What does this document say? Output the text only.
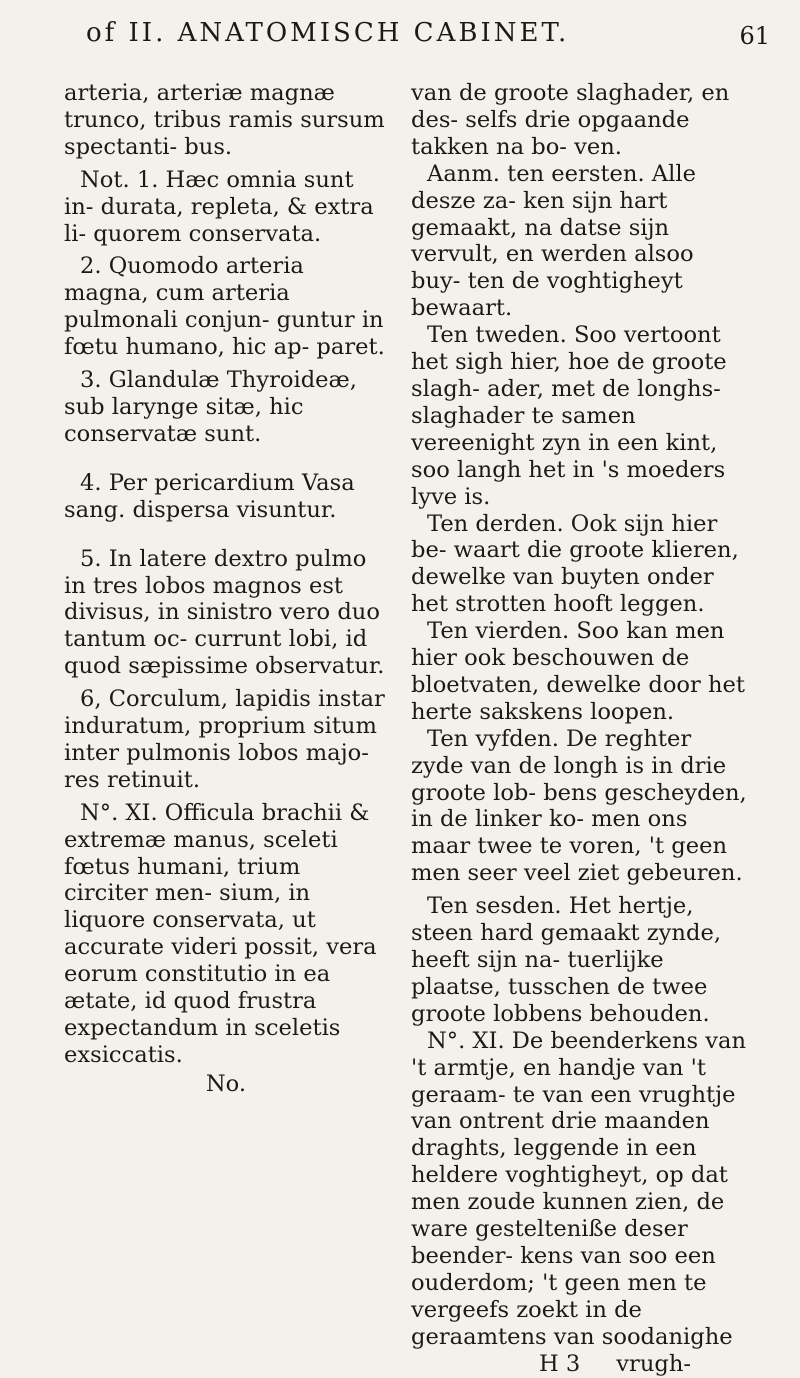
of II. ANATOMISCH CABINET.	61

arteria, arteriæ magnæ trunco, tribus ramis sursum spectanti- bus.

Not. 1. Hæc omnia sunt in- durata, repleta, & extra li- quorem conservata.

2. Quomodo arteria magna, cum arteria pulmonali conjun- guntur in fœtu humano, hic ap- paret.

3. Glandulæ Thyroideæ, sub larynge sitæ, hic conservatæ sunt.

4. Per pericardium Vasa sang. dispersa visuntur.

5. In latere dextro pulmo in tres lobos magnos est divisus, in sinistro vero duo tantum oc- currunt lobi, id quod sæpissime observatur.

6, Corculum, lapidis instar induratum, proprium situm inter pulmonis lobos majo- res retinuit.

N°. XI. Officula brachii & extremæ manus, sceleti fœtus humani, trium circiter men- sium, in liquore conservata, ut accurate videri possit, vera eorum constitutio in ea ætate, id quod frustra expectandum in sceletis exsiccatis.

No.

van de groote slaghader, en des- selfs drie opgaande takken na bo- ven.

Aanm. ten eersten. Alle desze za- ken sijn hart gemaakt, na datse sijn vervult, en werden alsoo buy- ten de voghtigheyt bewaart.

Ten tweden. Soo vertoont het sigh hier, hoe de groote slagh- ader, met de longhs-slaghader te samen vereenight zyn in een kint, soo langh het in 's moeders lyve is.

Ten derden. Ook sijn hier be- waart die groote klieren, dewelke van buyten onder het strotten hooft leggen.

Ten vierden. Soo kan men hier ook beschouwen de bloetvaten, dewelke door het herte sakskens loopen.

Ten vyfden. De reghter zyde van de longh is in drie groote lob- bens gescheyden, in de linker ko- men ons maar twee te voren, 't geen men seer veel ziet gebeuren.

Ten sesden. Het hertje, steen hard gemaakt zynde, heeft sijn na- tuerlijke plaatse, tusschen de twee groote lobbens behouden.

N°. XI. De beenderkens van 't armtje, en handje van 't geraam- te van een vrughtje van ontrent drie maanden draghts, leggende in een heldere voghtigheyt, op dat men zoude kunnen zien, de ware gestelteniße deser beender- kens van soo een ouderdom; 't geen men te vergeefs zoekt in de geraamtens van soodanighe

H 3 vrugh-
